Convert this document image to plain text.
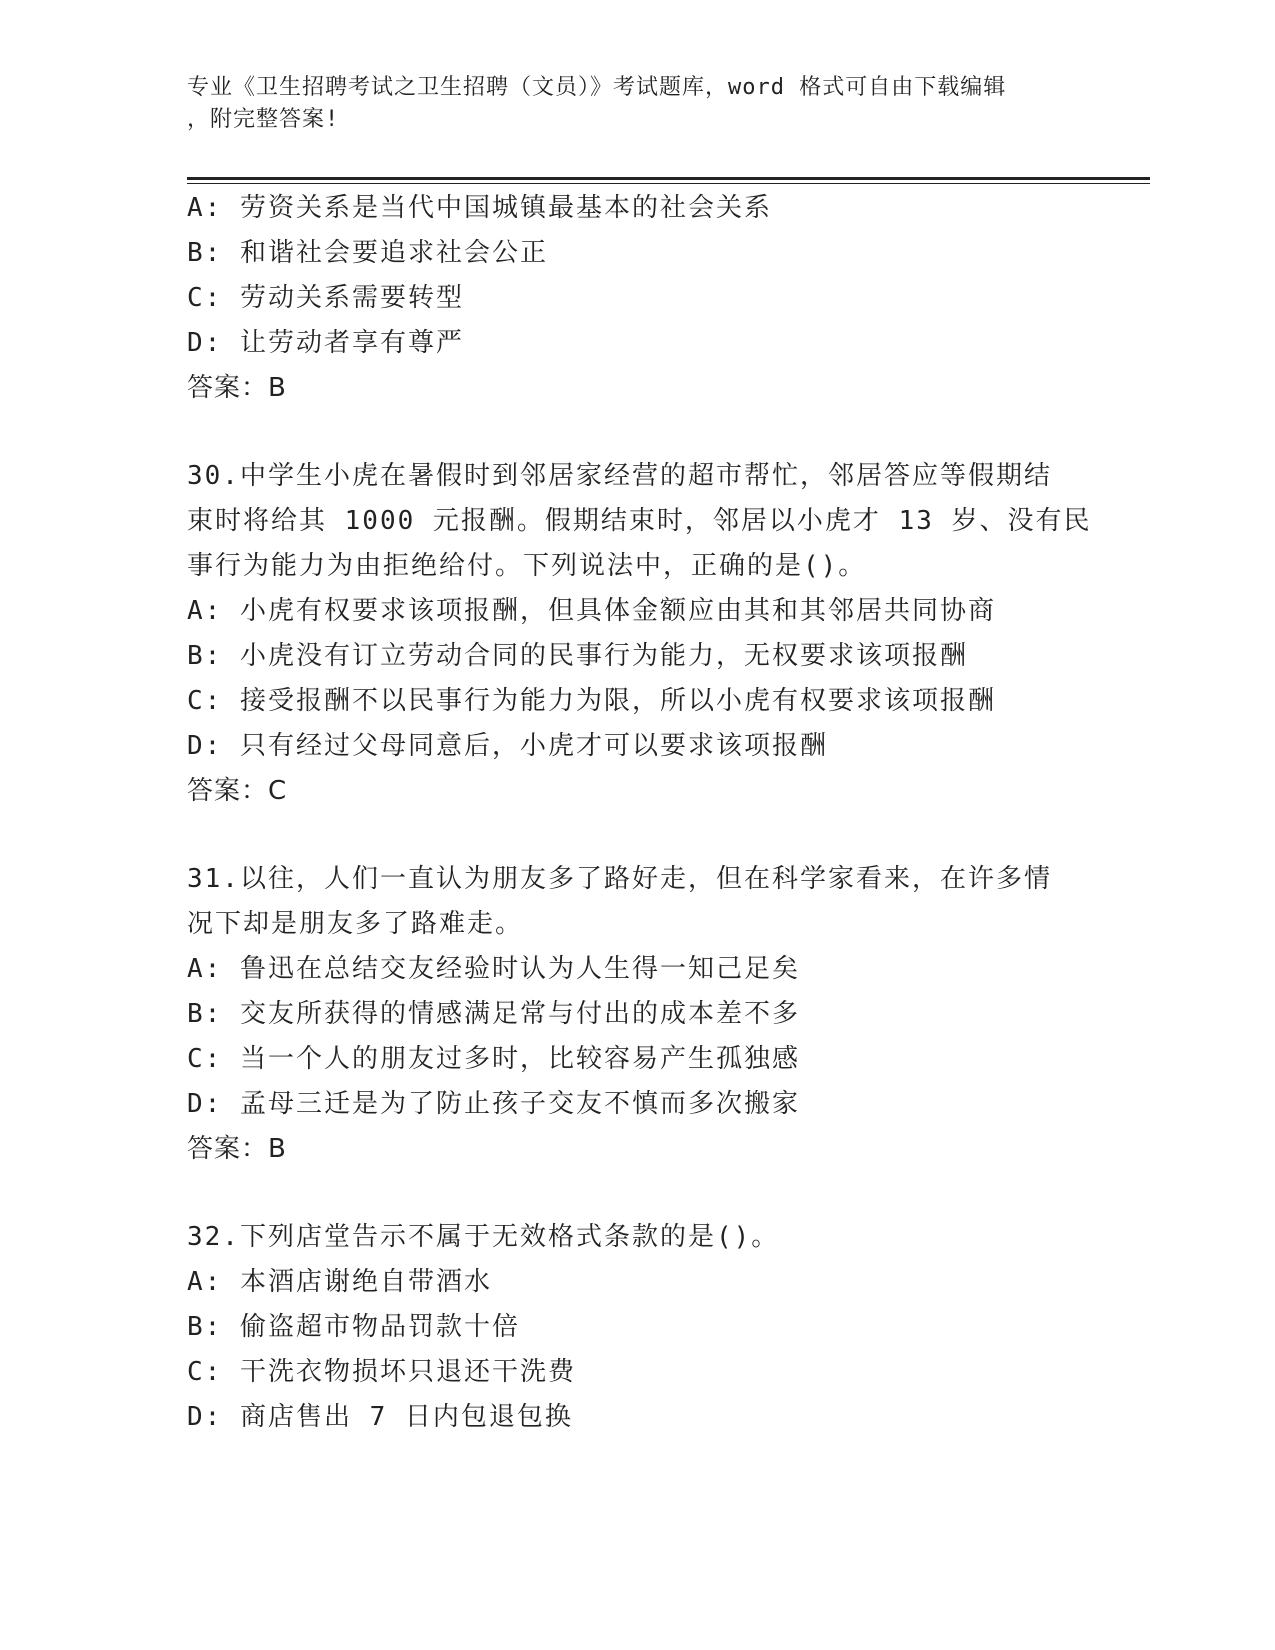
专业《卫生招聘考试之卫生招聘（文员）》考试题库，word 格式可自由下载编辑
，附完整答案!
A: 劳资关系是当代中国城镇最基本的社会关系
B: 和谐社会要追求社会公正
C: 劳动关系需要转型
D: 让劳动者享有尊严
答案：B
30.中学生小虎在暑假时到邻居家经营的超市帮忙，邻居答应等假期结
束时将给其 1000 元报酬。假期结束时，邻居以小虎才 13 岁、没有民
事行为能力为由拒绝给付。下列说法中，正确的是()。
A: 小虎有权要求该项报酬，但具体金额应由其和其邻居共同协商
B: 小虎没有订立劳动合同的民事行为能力，无权要求该项报酬
C: 接受报酬不以民事行为能力为限，所以小虎有权要求该项报酬
D: 只有经过父母同意后，小虎才可以要求该项报酬
答案：C
31.以往，人们一直认为朋友多了路好走，但在科学家看来，在许多情
况下却是朋友多了路难走。
A: 鲁迅在总结交友经验时认为人生得一知己足矣
B: 交友所获得的情感满足常与付出的成本差不多
C: 当一个人的朋友过多时，比较容易产生孤独感
D: 孟母三迁是为了防止孩子交友不慎而多次搬家
答案：B
32.下列店堂告示不属于无效格式条款的是()。
A: 本酒店谢绝自带酒水
B: 偷盗超市物品罚款十倍
C: 干洗衣物损坏只退还干洗费
D: 商店售出 7 日内包退包换
